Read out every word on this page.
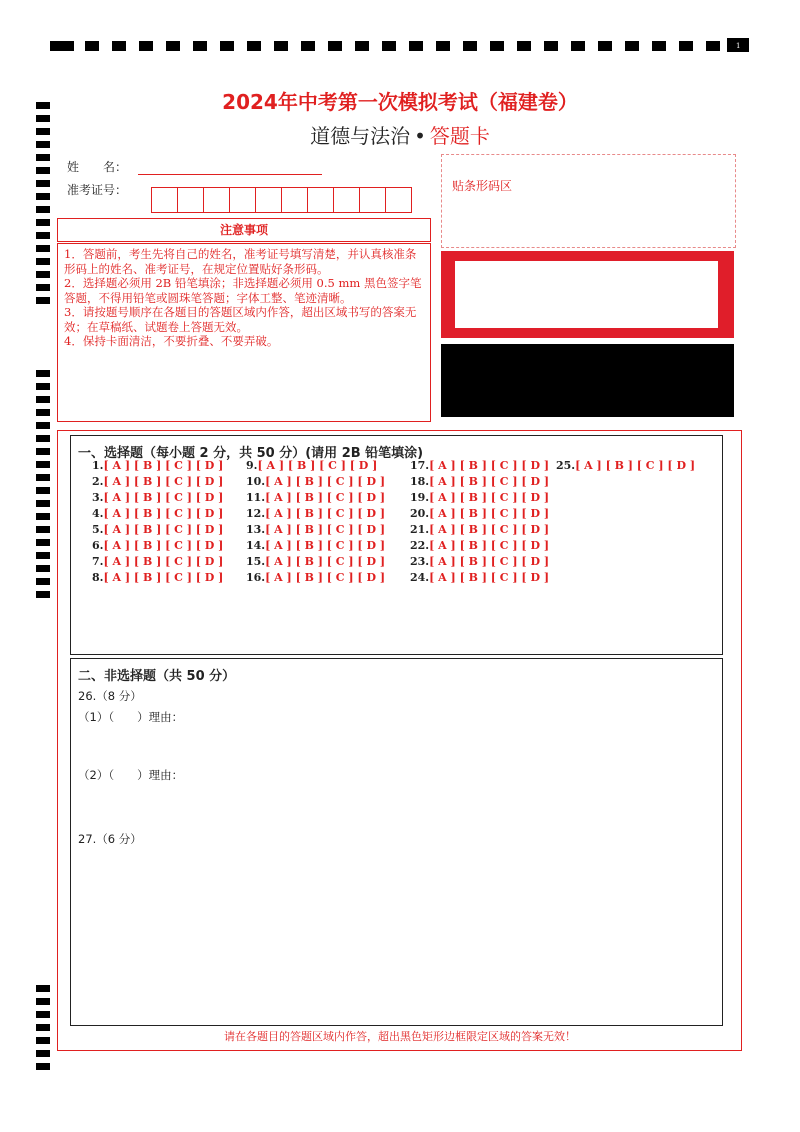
1
2024年中考第一次模拟考试（福建卷）
道德与法治 • 答题卡
姓　　名：
准考证号：	贴条形码区
注意事项

1．答题前，考生先将自己的姓名，准考证号填写清楚，并认真核准条形码上的姓名、准考证号，在规定位置贴好条形码。

2．选择题必须用 2B 铅笔填涂；非选择题必须用 0.5 mm 黑色签字笔答题，不得用铅笔或圆珠笔答题；字体工整、笔迹清晰。

3．请按题号顺序在各题目的答题区域内作答，超出区域书写的答案无效；在草稿纸、试题卷上答题无效。

4．保持卡面清洁，不要折叠、不要弄破。

一、选择题（每小题 2 分，共 50 分）(请用 2B 铅笔填涂)
1.[ A ] [ B ] [ C ] [ D ]
2.[ A ] [ B ] [ C ] [ D ]
3.[ A ] [ B ] [ C ] [ D ]
4.[ A ] [ B ] [ C ] [ D ]
5.[ A ] [ B ] [ C ] [ D ]
6.[ A ] [ B ] [ C ] [ D ]
7.[ A ] [ B ] [ C ] [ D ]
8.[ A ] [ B ] [ C ] [ D ]
9.[ A ] [ B ] [ C ] [ D ]
10.[ A ] [ B ] [ C ] [ D ]
11.[ A ] [ B ] [ C ] [ D ]
12.[ A ] [ B ] [ C ] [ D ]
13.[ A ] [ B ] [ C ] [ D ]
14.[ A ] [ B ] [ C ] [ D ]
15.[ A ] [ B ] [ C ] [ D ]
16.[ A ] [ B ] [ C ] [ D ]
17.[ A ] [ B ] [ C ] [ D ]
18.[ A ] [ B ] [ C ] [ D ]
19.[ A ] [ B ] [ C ] [ D ]
20.[ A ] [ B ] [ C ] [ D ]
21.[ A ] [ B ] [ C ] [ D ]
22.[ A ] [ B ] [ C ] [ D ]
23.[ A ] [ B ] [ C ] [ D ]
24.[ A ] [ B ] [ C ] [ D ]
25.[ A ] [ B ] [ C ] [ D ]
二、非选择题（共 50 分）
26.（8 分）
（1）（　　）理由：
（2）（　　）理由：
27.（6 分）
请在各题目的答题区域内作答，超出黑色矩形边框限定区域的答案无效！
